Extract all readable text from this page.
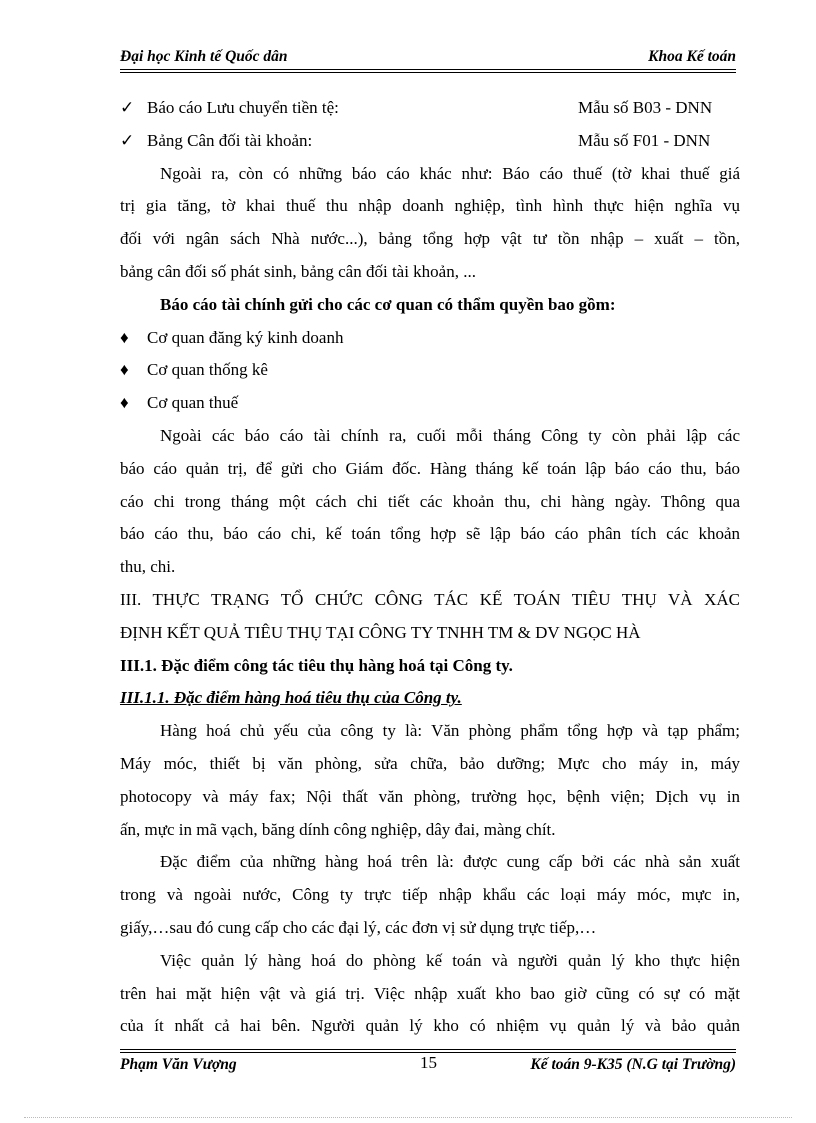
Đại học Kinh tế Quốc dân	Khoa Kế toán
✓ Báo cáo Lưu chuyển tiền tệ:	Mẫu số B03 - DNN
✓ Bảng Cân đối tài khoản:	Mẫu số F01 - DNN
Ngoài ra, còn có những báo cáo khác như: Báo cáo thuế (tờ khai thuế giá
trị gia tăng, tờ khai thuế thu nhập doanh nghiệp, tình hình thực hiện nghĩa vụ
đối với ngân sách Nhà nước...), bảng tổng hợp vật tư tồn nhập – xuất – tồn,
bảng cân đối số phát sinh, bảng cân đối tài khoản, ...
Báo cáo tài chính gửi cho các cơ quan có thẩm quyền bao gồm:
♦ Cơ quan đăng ký kinh doanh
♦ Cơ quan thống kê
♦ Cơ quan thuế
Ngoài các báo cáo tài chính ra, cuối mỗi tháng Công ty còn phải lập các
báo cáo quản trị, để gửi cho Giám đốc. Hàng tháng kế toán lập báo cáo thu, báo
cáo chi trong tháng một cách chi tiết các khoản thu, chi hàng ngày. Thông qua
báo cáo thu, báo cáo chi, kế toán tổng hợp sẽ lập báo cáo phân tích các khoản
thu, chi.
III. THỰC TRẠNG TỔ CHỨC CÔNG TÁC KẾ TOÁN TIÊU THỤ VÀ XÁC
ĐỊNH KẾT QUẢ TIÊU THỤ TẠI CÔNG TY TNHH TM & DV NGỌC HÀ
III.1. Đặc điểm công tác tiêu thụ hàng hoá tại Công ty.
III.1.1. Đặc điểm hàng hoá tiêu thụ của Công ty.
Hàng hoá chủ yếu của công ty là: Văn phòng phẩm tổng hợp và tạp phẩm;
Máy móc, thiết bị văn phòng, sửa chữa, bảo dưỡng; Mực cho máy in, máy
photocopy và máy fax; Nội thất văn phòng, trường học, bệnh viện; Dịch vụ in
ấn, mực in mã vạch, băng dính công nghiệp, dây đai, màng chít.
Đặc điểm của những hàng hoá trên là: được cung cấp bởi các nhà sản xuất
trong và ngoài nước, Công ty trực tiếp nhập khẩu các loại máy móc, mực in,
giấy,…sau đó cung cấp cho các đại lý, các đơn vị sử dụng trực tiếp,…
Việc quản lý hàng hoá do phòng kế toán và người quản lý kho thực hiện
trên hai mặt hiện vật và giá trị. Việc nhập xuất kho bao giờ cũng có sự có mặt
của ít nhất cả hai bên. Người quản lý kho có nhiệm vụ quản lý và bảo quản
Phạm Văn Vượng	15	Kế toán 9-K35 (N.G tại Trường)
